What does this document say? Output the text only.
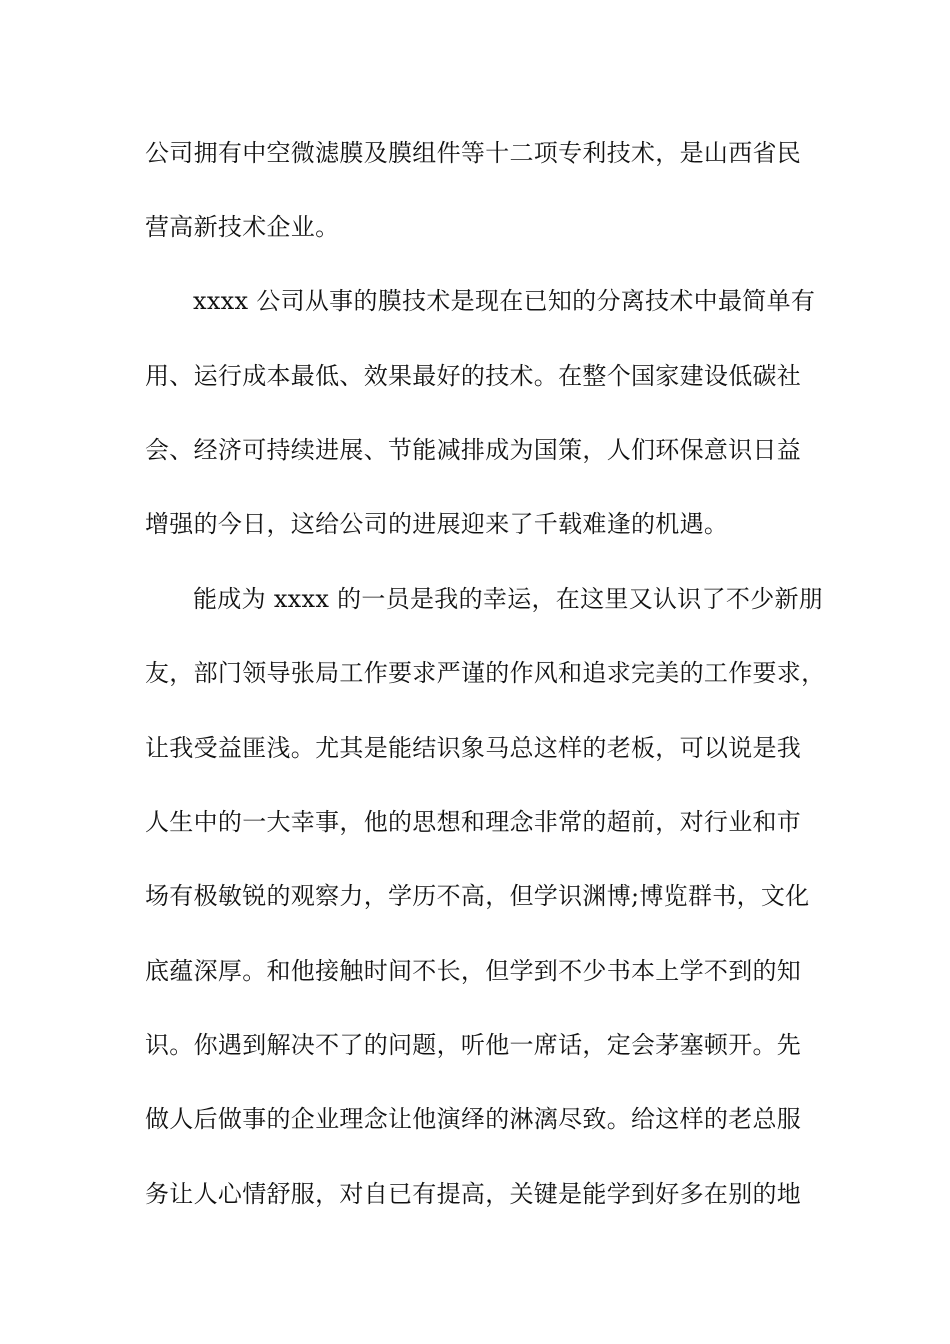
公司拥有中空微滤膜及膜组件等十二项专利技术，是山西省民
营高新技术企业。
xxxx 公司从事的膜技术是现在已知的分离技术中最简单有
用、运行成本最低、效果最好的技术。在整个国家建设低碳社
会、经济可持续进展、节能减排成为国策，人们环保意识日益
增强的今日，这给公司的进展迎来了千载难逢的机遇。
能成为 xxxx 的一员是我的幸运，在这里又认识了不少新朋
友，部门领导张局工作要求严谨的作风和追求完美的工作要求，
让我受益匪浅。尤其是能结识象马总这样的老板，可以说是我
人生中的一大幸事，他的思想和理念非常的超前，对行业和市
场有极敏锐的观察力，学历不高，但学识渊博;博览群书，文化
底蕴深厚。和他接触时间不长，但学到不少书本上学不到的知
识。你遇到解决不了的问题，听他一席话，定会茅塞顿开。先
做人后做事的企业理念让他演绎的淋漓尽致。给这样的老总服
务让人心情舒服，对自已有提高，关键是能学到好多在别的地
